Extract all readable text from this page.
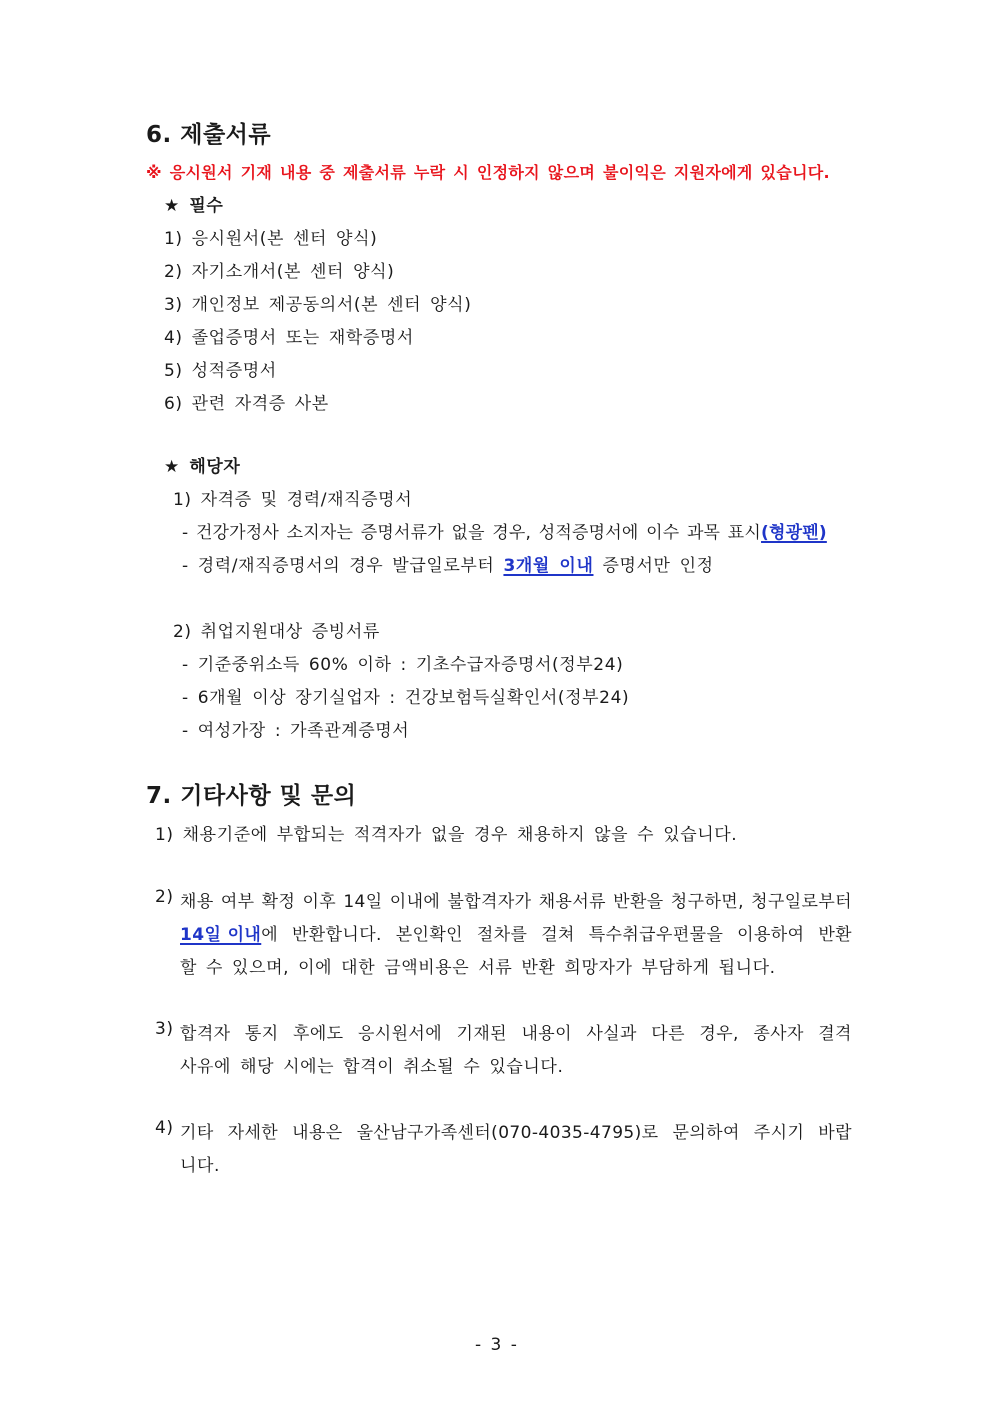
6. 제출서류
※ 응시원서 기재 내용 중 제출서류 누락 시 인정하지 않으며 불이익은 지원자에게 있습니다.
★ 필수
1) 응시원서(본 센터 양식)
2) 자기소개서(본 센터 양식)
3) 개인정보 제공동의서(본 센터 양식)
4) 졸업증명서 또는 재학증명서
5) 성적증명서
6) 관련 자격증 사본
★ 해당자
1) 자격증 및 경력/재직증명서
- 건강가정사 소지자는 증명서류가 없을 경우, 성적증명서에 이수 과목 표시(형광펜)
- 경력/재직증명서의 경우 발급일로부터 3개월 이내 증명서만 인정
2) 취업지원대상 증빙서류
- 기준중위소득 60% 이하 : 기초수급자증명서(정부24)
- 6개월 이상 장기실업자 : 건강보험득실확인서(정부24)
- 여성가장 : 가족관계증명서
7. 기타사항 및 문의
1) 채용기준에 부합되는 적격자가 없을 경우 채용하지 않을 수 있습니다.
2) 채용 여부 확정 이후 14일 이내에 불합격자가 채용서류 반환을 청구하면, 청구일로부터
14일 이내에 반환합니다. 본인확인 절차를 걸쳐 특수취급우편물을 이용하여 반환
할 수 있으며, 이에 대한 금액비용은 서류 반환 희망자가 부담하게 됩니다.
3) 합격자 통지 후에도 응시원서에 기재된 내용이 사실과 다른 경우, 종사자 결격
사유에 해당 시에는 합격이 취소될 수 있습니다.
4) 기타 자세한 내용은 울산남구가족센터(070-4035-4795)로 문의하여 주시기 바랍
니다.
- 3 -
